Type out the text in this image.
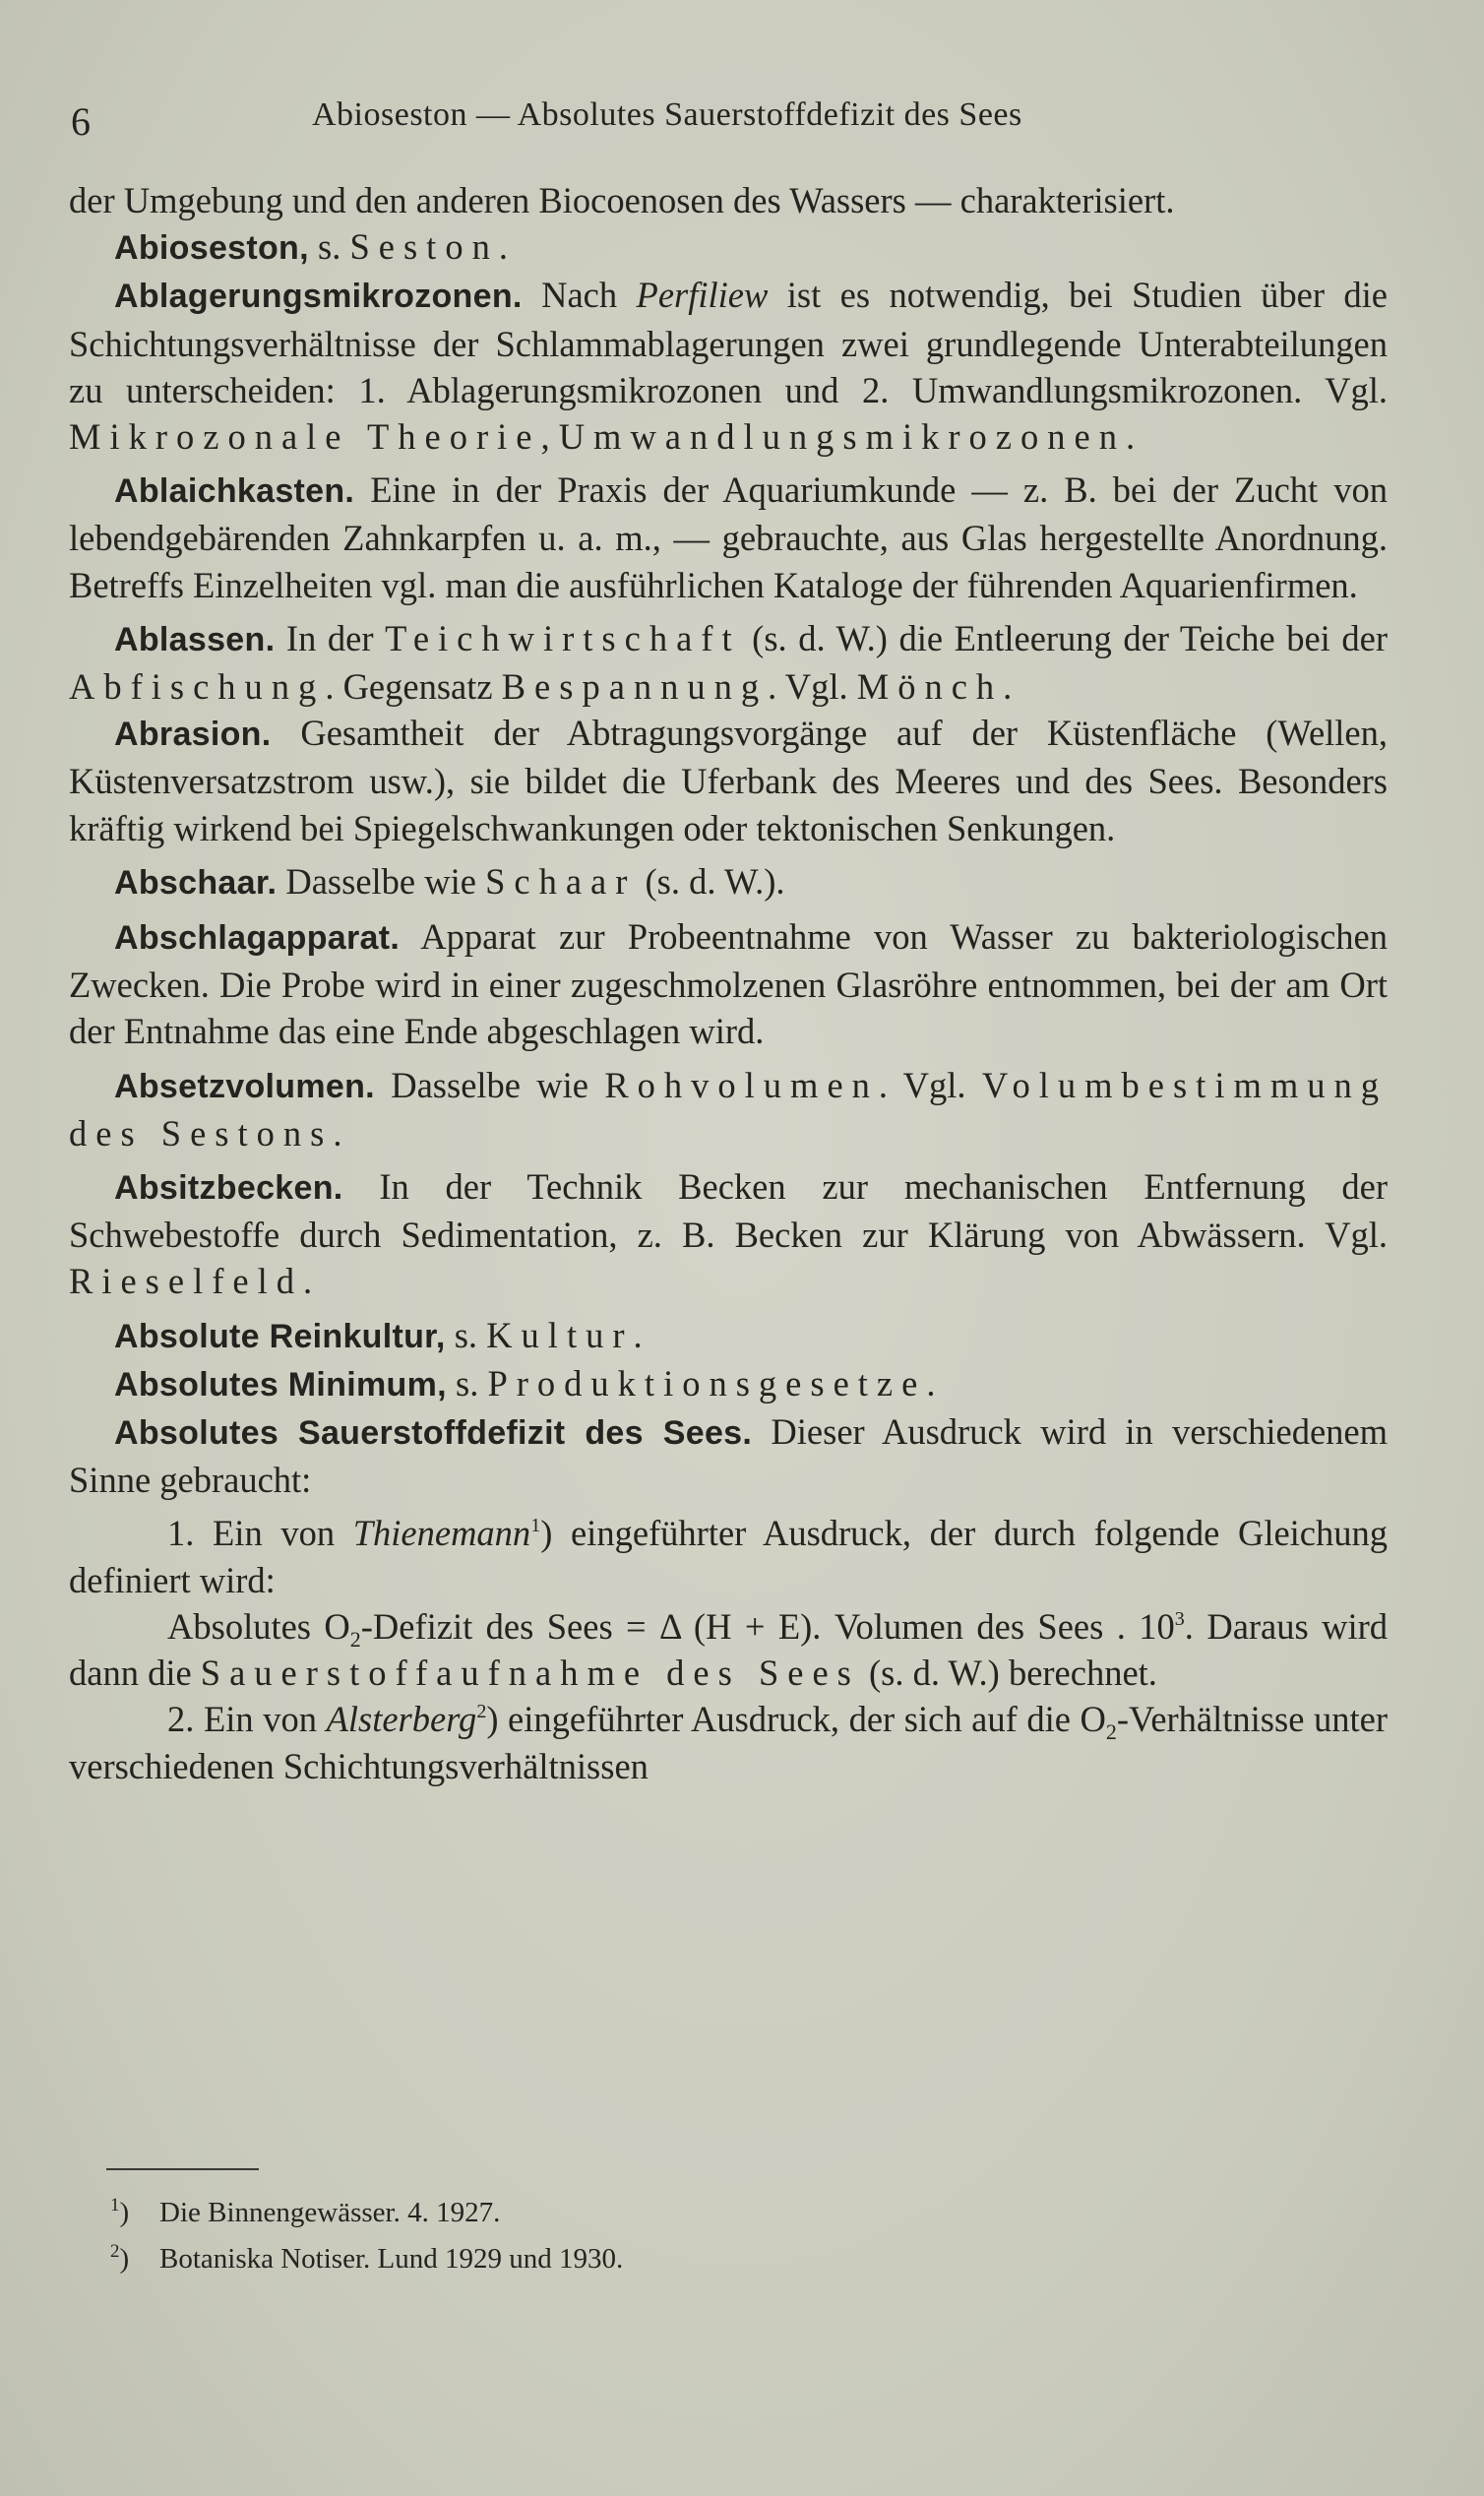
6	Abioseston — Absolutes Sauerstoffdefizit des Sees

der Umgebung und den anderen Biocoenosen des Wassers — charakterisiert.

Abioseston, s. Seston.

Ablagerungsmikrozonen. Nach Perfiliew ist es notwendig, bei Studien über die Schichtungsverhältnisse der Schlammablagerungen zwei grundlegende Unterabteilungen zu unterscheiden: 1. Ablagerungsmikrozonen und 2. Umwandlungsmikrozonen. Vgl. Mikrozonale Theorie, Umwandlungsmikrozonen.

Ablaichkasten. Eine in der Praxis der Aquariumkunde — z. B. bei der Zucht von lebendgebärenden Zahnkarpfen u. a. m., — gebrauchte, aus Glas hergestellte Anordnung. Betreffs Einzelheiten vgl. man die ausführlichen Kataloge der führenden Aquarienfirmen.

Ablassen. In der Teichwirtschaft (s. d. W.) die Entleerung der Teiche bei der Abfischung. Gegensatz Bespannung. Vgl. Mönch.

Abrasion. Gesamtheit der Abtragungsvorgänge auf der Küstenfläche (Wellen, Küstenversatzstrom usw.), sie bildet die Uferbank des Meeres und des Sees. Besonders kräftig wirkend bei Spiegelschwankungen oder tektonischen Senkungen.

Abschaar. Dasselbe wie Schaar (s. d. W.).

Abschlagapparat. Apparat zur Probeentnahme von Wasser zu bakteriologischen Zwecken. Die Probe wird in einer zugeschmolzenen Glasröhre entnommen, bei der am Ort der Entnahme das eine Ende abgeschlagen wird.

Absetzvolumen. Dasselbe wie Rohvolumen. Vgl. Volumbestimmung des Sestons.

Absitzbecken. In der Technik Becken zur mechanischen Entfernung der Schwebestoffe durch Sedimentation, z. B. Becken zur Klärung von Abwässern. Vgl. Rieselfeld.

Absolute Reinkultur, s. Kultur.

Absolutes Minimum, s. Produktionsgesetze.

Absolutes Sauerstoffdefizit des Sees. Dieser Ausdruck wird in verschiedenem Sinne gebraucht:

1. Ein von Thienemann$^1$) eingeführter Ausdruck, der durch folgende Gleichung definiert wird:

Absolutes $O_2$-Defizit des Sees = Δ (H + E). Volumen des Sees . 10$^3$. Daraus wird dann die Sauerstoffaufnahme des Sees (s. d. W.) berechnet.

2. Ein von Alsterberg$^2$) eingeführter Ausdruck, der sich auf die $O_2$-Verhältnisse unter verschiedenen Schichtungsverhältnissen

$^1$) Die Binnengewässer. 4. 1927.

$^2$) Botaniska Notiser. Lund 1929 und 1930.
